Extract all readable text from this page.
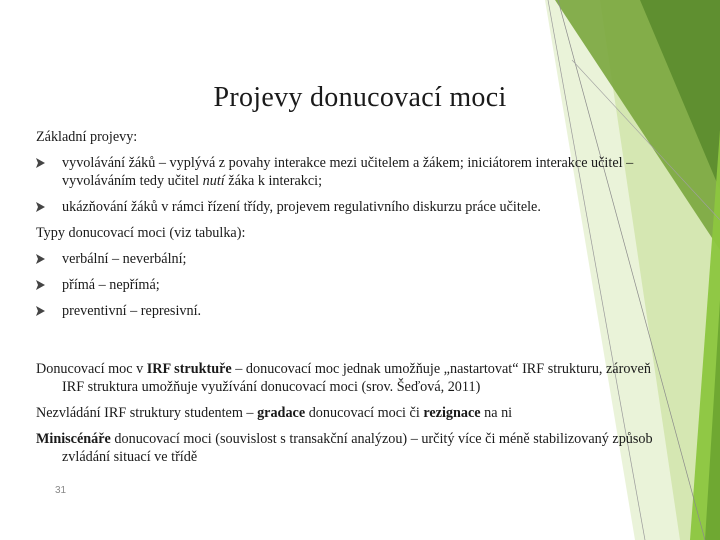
Projevy donucovací moci

Základní projevy:

vyvolávání žáků – vyplývá z povahy interakce mezi učitelem a žákem; iniciátorem interakce učitel – vyvoláváním tedy učitel nutí žáka k interakci;
ukázňování žáků v rámci řízení třídy, projevem regulativního diskurzu práce učitele.

Typy donucovací moci (viz tabulka):

verbální – neverbální;
přímá – nepřímá;
preventivní – represivní.

Donucovací moc v IRF struktuře – donucovací moc jednak umožňuje „nastartovat“ IRF strukturu, zároveň IRF struktura umožňuje využívání donucovací moci (srov. Šeďová, 2011)

Nezvládání IRF struktury studentem – gradace donucovací moci či rezignace na ni

Miniscénáře donucovací moci (souvislost s transakční analýzou) – určitý více či méně stabilizovaný způsob zvládání situací ve třídě

31
